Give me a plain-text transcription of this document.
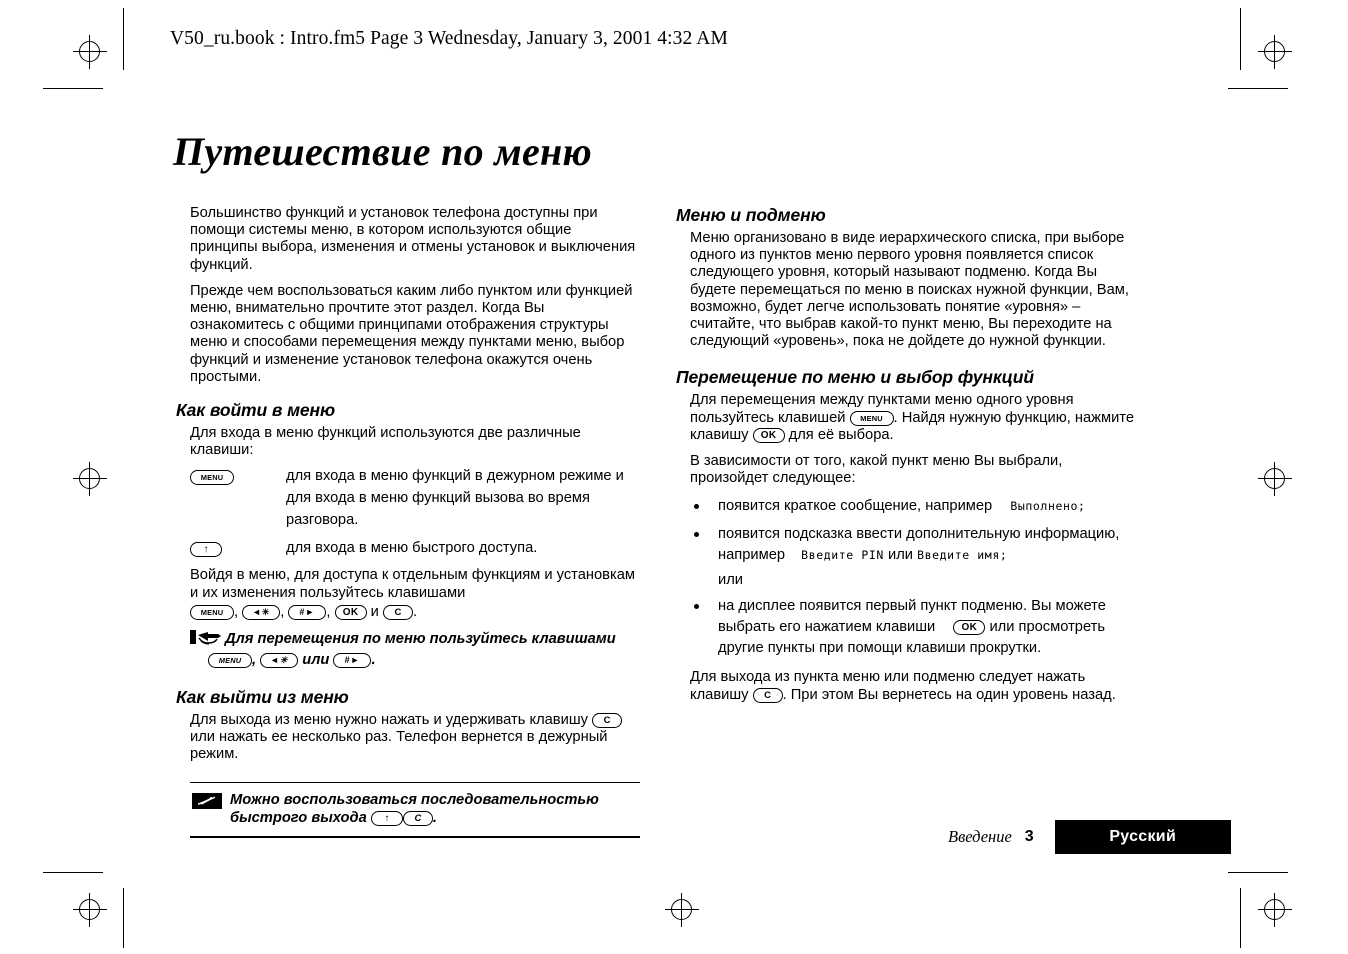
V50_ru.book : Intro.fm5 Page 3 Wednesday, January 3, 2001 4:32 AM
Путешествие по меню

Большинство функций и установок телефона доступны при помощи системы меню, в котором используются общие принципы выбора, изменения и отмены установок и выключения функций.

Прежде чем воспользоваться каким либо пунктом или функцией меню, внимательно прочтите этот раздел. Когда Вы ознакомитесь с общими принципами отображения структуры меню и способами перемещения между пунктами меню, выбор функций и изменение установок телефона окажутся очень простыми.

Как войти в меню

Для входа в меню функций используются две различные клавиши:

MENU	для входа в меню функций в дежурном режиме и для входа в меню функций вызова во время разговора.
↑	для входа в меню быстрого доступа.

Войдя в меню, для доступа к отдельным функциям и установкам и их изменения пользуйтесь клавишами

MENU , ◄✳ , #► , OK и C .

Для перемещения по меню пользуйтесь клавишами
MENU , ◄✳ или #► .
Как выйти из меню

Для выхода из меню нужно нажать и удерживать клавишу C или нажать ее несколько раз. Телефон вернется в дежурный режим.

Можно воспользоваться последовательностью быстрого выхода ↑	C .
Меню и подменю

Меню организовано в виде иерархического списка, при выборе одного из пунктов меню первого уровня появляется список следующего уровня, который называют подменю. Когда Вы будете перемещаться по меню в поисках нужной функции, Вам, возможно, будет легче использовать понятие «уровня» – считайте, что выбрав какой-то пункт меню, Вы переходите на следующий «уровень», пока не дойдете до нужной функции.

Перемещение по меню и выбор функций

Для перемещения между пунктами меню одного уровня пользуйтесь клавишей MENU . Найдя нужную функцию, нажмите клавишу OK для её выбора.

В зависимости от того, какой пункт меню Вы выбрали, произойдет следующее:

появится краткое сообщение, например Выполнено;
появится подсказка ввести дополнительную информацию, например Введите PIN или Введите имя;
или
на дисплее появится первый пункт подменю. Вы можете выбрать его нажатием клавиши	OK или просмотреть другие пункты при помощи клавиши прокрутки.

Для выхода из пункта меню или подменю следует нажать клавишу C . При этом Вы вернетесь на один уровень назад.

Введение 3	Русский
